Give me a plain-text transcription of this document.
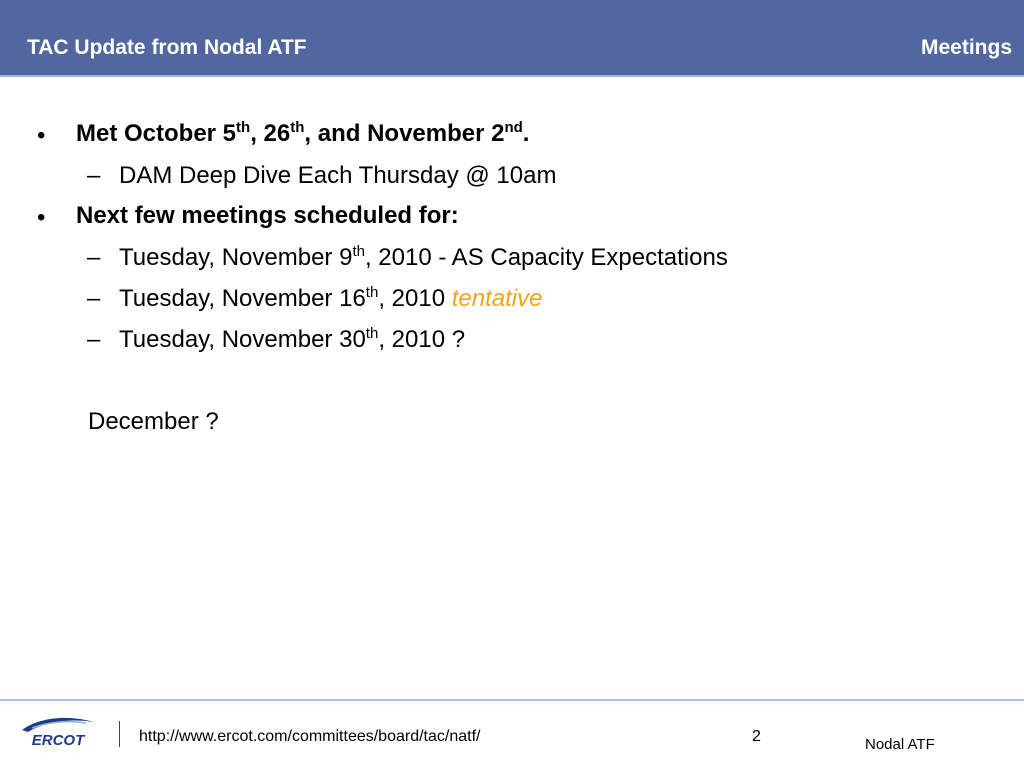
TAC Update from Nodal ATF	Meetings
• Met October 5th, 26th, and November 2nd.
– DAM Deep Dive Each Thursday @ 10am
• Next few meetings scheduled for:
– Tuesday, November 9th, 2010 - AS Capacity Expectations
– Tuesday, November 16th, 2010 tentative
– Tuesday, November 30th, 2010 ?
December ?
ERCOT	http://www.ercot.com/committees/board/tac/natf/	2	Nodal ATF
